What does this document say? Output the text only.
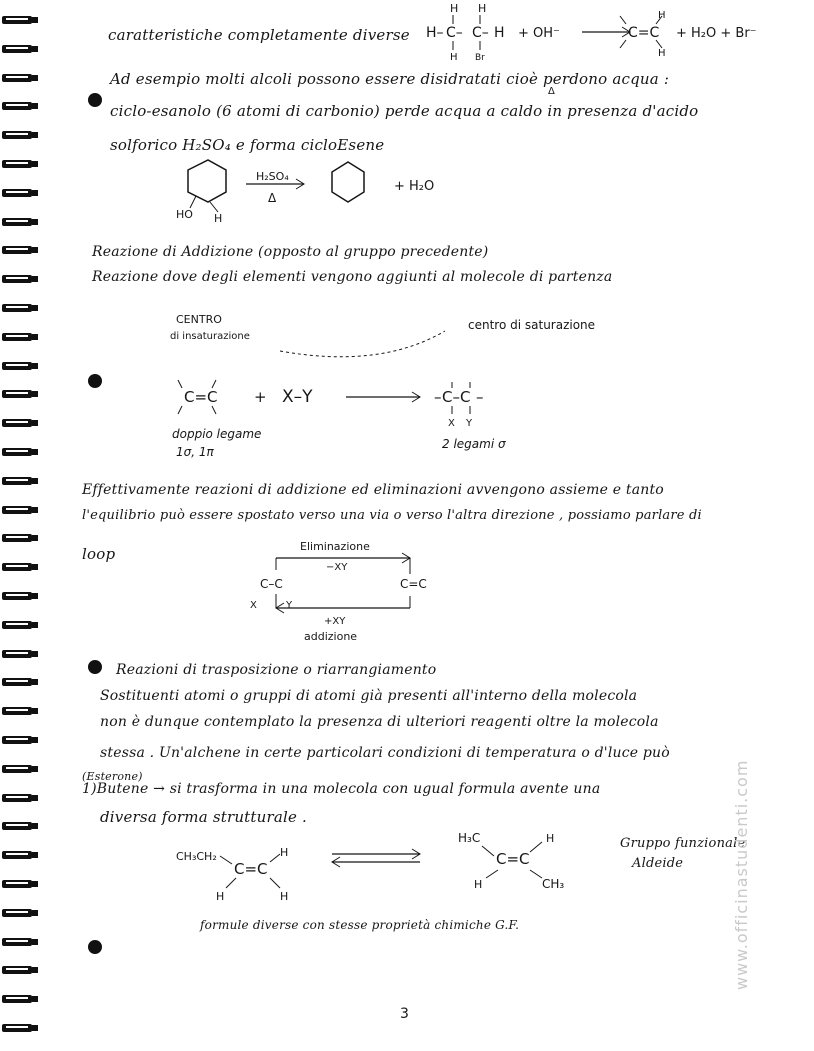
caratteristiche completamente diverse
Ad esempio molti alcoli possono essere disidratati cioè perdono acqua :
ciclo-esanolo (6 atomi di carbonio) perde acqua a caldo in presenza d'acido
solforico H₂SO₄ e forma cicloEsene
Reazione di Addizione (opposto al gruppo precedente)
Reazione dove degli elementi vengono aggiunti al molecole di partenza
Effettivamente reazioni di addizione ed eliminazioni avvengono assieme e tanto
l'equilibrio può essere spostato verso una via o verso l'altra direzione , possiamo parlare di
loop
Reazioni di trasposizione o riarrangiamento
Sostituenti atomi o gruppi di atomi già presenti all'interno della molecola
non è dunque contemplato la presenza di ulteriori reagenti oltre la molecola
stessa . Un'alchene in certe particolari condizioni di temperatura o d'luce può
(Esterone)
1)Butene → si trasforma in una molecola con ugual formula avente una
diversa forma strutturale .
Gruppo funzionale
Aldeide
formule diverse con stesse proprietà chimiche G.F.
H H
H– C– C– H
H Br
+ OH⁻	C=C
H
H
+ H₂O + Br⁻
Δ
HO H
H₂SO₄
Δ
+ H₂O
CENTRO
di insaturazione
centro di saturazione
C=C + X–Y	C–C
– –
X Y
doppio legame
1σ, 1π
2 legami σ
Eliminazione
−XY
C–C
X	Y
C=C
+XY
addizione
CH₃CH₂
C=C
H
H	H
H₃C
C=C
H
H	CH₃
3
www.officinastudenti.com
